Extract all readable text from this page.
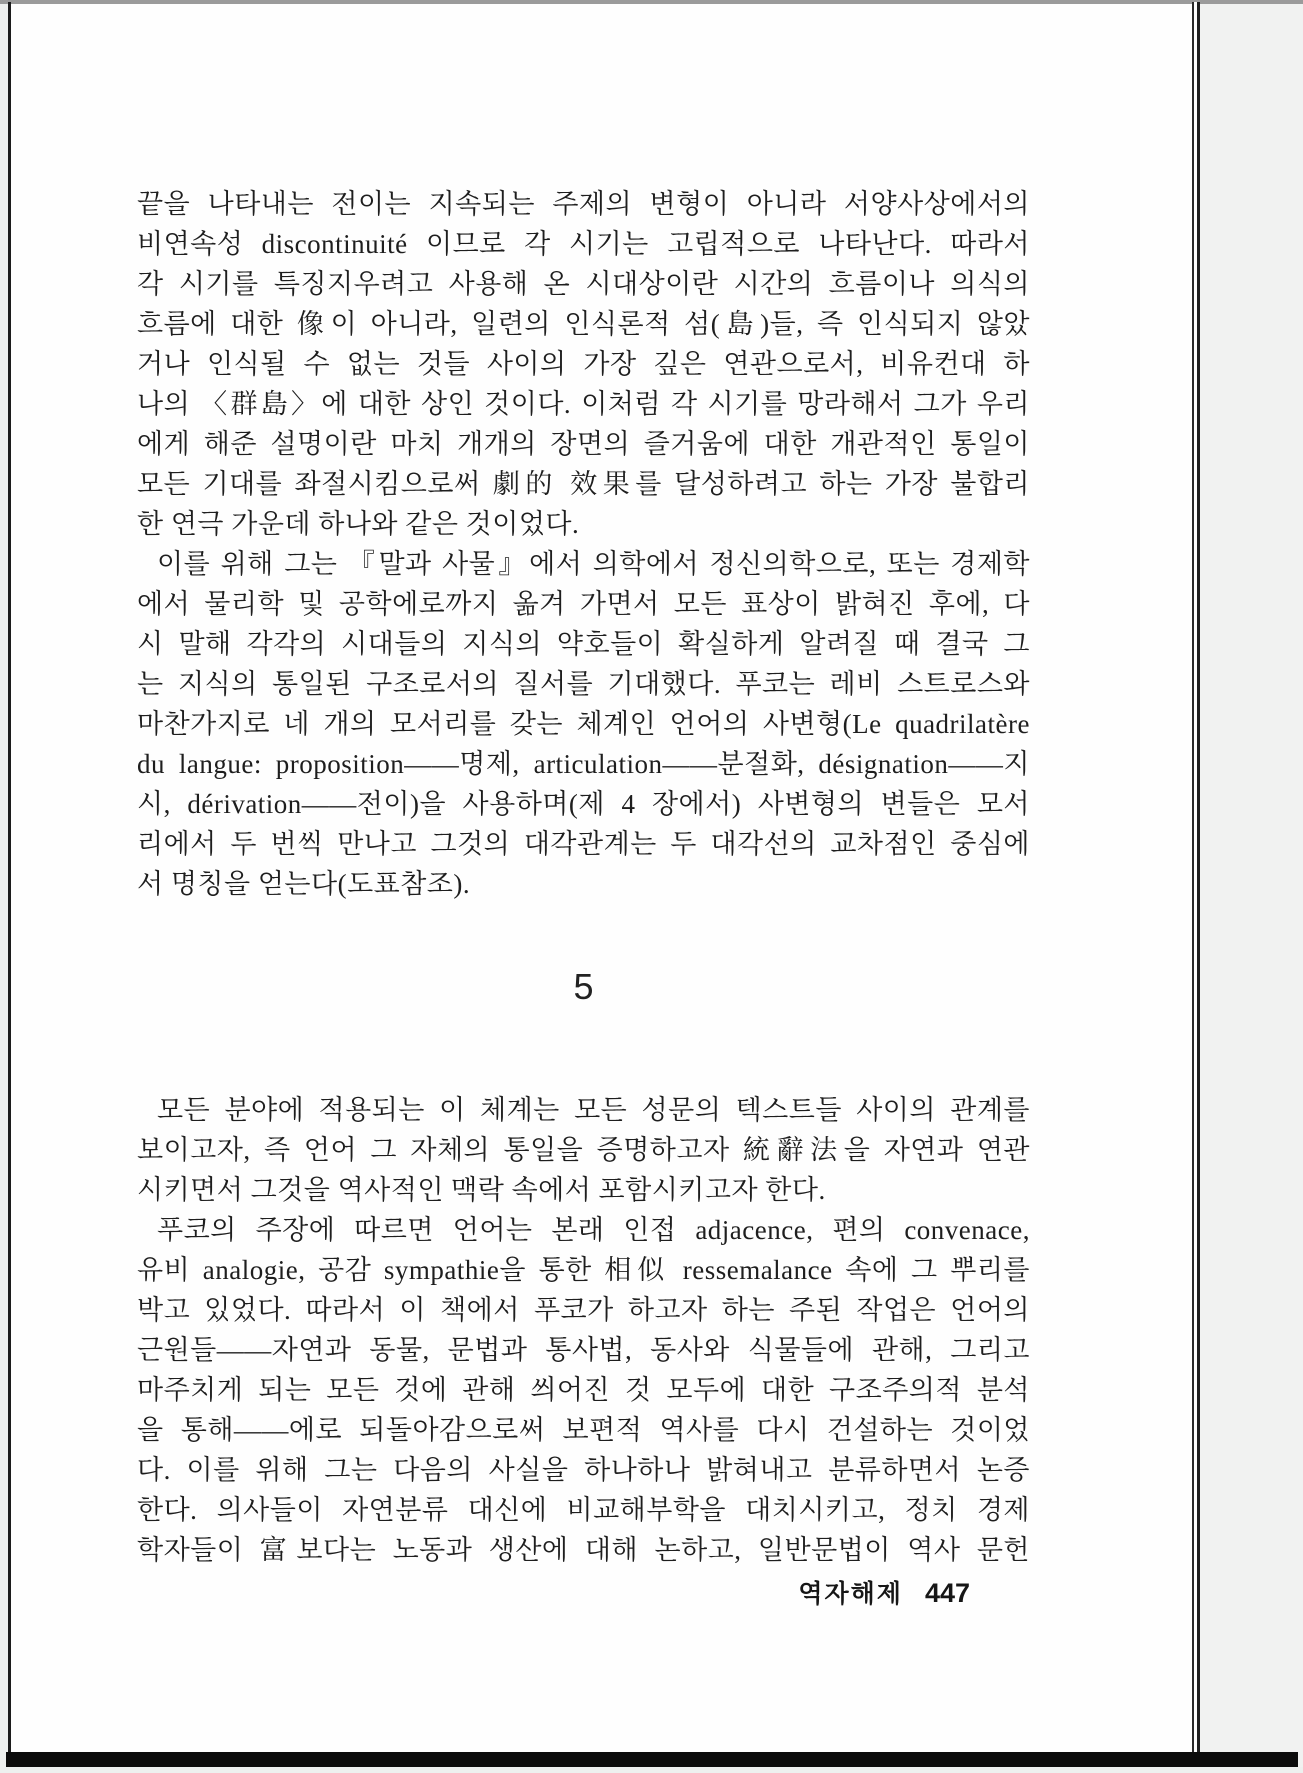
끝을 나타내는 전이는 지속되는 주제의 변형이 아니라 서양사상에서의
비연속성 discontinuité 이므로 각 시기는 고립적으로 나타난다. 따라서
각 시기를 특징지우려고 사용해 온 시대상이란 시간의 흐름이나 의식의
흐름에 대한 像이 아니라, 일련의 인식론적 섬(島)들, 즉 인식되지 않았
거나 인식될 수 없는 것들 사이의 가장 깊은 연관으로서, 비유컨대 하
나의 〈群島〉에 대한 상인 것이다. 이처럼 각 시기를 망라해서 그가 우리
에게 해준 설명이란 마치 개개의 장면의 즐거움에 대한 개관적인 통일이
모든 기대를 좌절시킴으로써 劇的 效果를 달성하려고 하는 가장 불합리
한 연극 가운데 하나와 같은 것이었다.
이를 위해 그는 『말과 사물』에서 의학에서 정신의학으로, 또는 경제학
에서 물리학 및 공학에로까지 옮겨 가면서 모든 표상이 밝혀진 후에, 다
시 말해 각각의 시대들의 지식의 약호들이 확실하게 알려질 때 결국 그
는 지식의 통일된 구조로서의 질서를 기대했다. 푸코는 레비 스트로스와
마찬가지로 네 개의 모서리를 갖는 체계인 언어의 사변형(Le quadrilatère
du langue: proposition——명제, articulation——분절화, désignation——지
시, dérivation——전이)을 사용하며(제 4 장에서) 사변형의 변들은 모서
리에서 두 번씩 만나고 그것의 대각관계는 두 대각선의 교차점인 중심에
서 명칭을 얻는다(도표참조).
5
모든 분야에 적용되는 이 체계는 모든 성문의 텍스트들 사이의 관계를
보이고자, 즉 언어 그 자체의 통일을 증명하고자 統辭法을 자연과 연관
시키면서 그것을 역사적인 맥락 속에서 포함시키고자 한다.
푸코의 주장에 따르면 언어는 본래 인접 adjacence, 편의 convenace,
유비 analogie, 공감 sympathie을 통한 相似 ressemalance 속에 그 뿌리를
박고 있었다. 따라서 이 책에서 푸코가 하고자 하는 주된 작업은 언어의
근원들——자연과 동물, 문법과 통사법, 동사와 식물들에 관해, 그리고
마주치게 되는 모든 것에 관해 씌어진 것 모두에 대한 구조주의적 분석
을 통해——에로 되돌아감으로써 보편적 역사를 다시 건설하는 것이었
다. 이를 위해 그는 다음의 사실을 하나하나 밝혀내고 분류하면서 논증
한다. 의사들이 자연분류 대신에 비교해부학을 대치시키고, 정치 경제
학자들이 富보다는 노동과 생산에 대해 논하고, 일반문법이 역사 문헌
역자해제 447
